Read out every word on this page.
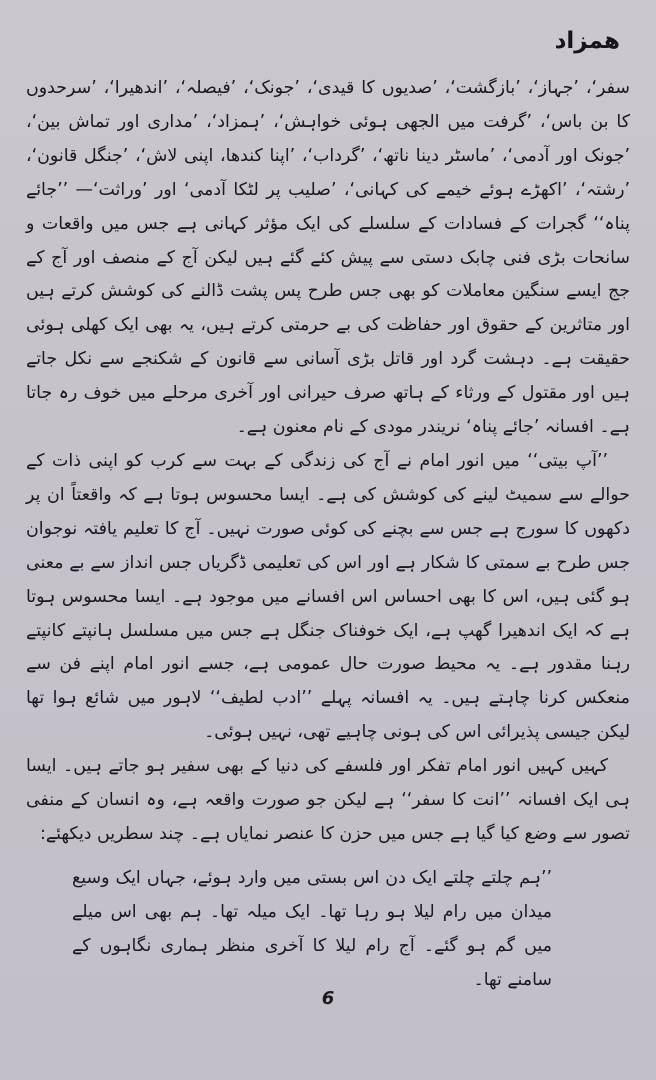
همزاد

سفر‘، ’جہاز‘، ’بازگشت‘، ’صدیوں کا قیدی‘، ’جونک‘، ’فیصلہ‘، ’اندھیرا‘، ’سرحدوں کا بن باس‘، ’گرفت میں الجھی ہوئی خواہش‘، ’ہمزاد‘، ’مداری اور تماش بین‘، ’جونک اور آدمی‘، ’ماسٹر دینا ناتھ‘، ’گرداب‘، ’اپنا کندھا، اپنی لاش‘، ’جنگل قانون‘، ’رشتہ‘، ’اکھڑے ہوئے خیمے کی کہانی‘، ’صلیب پر لٹکا آدمی‘ اور ’وراثت‘— ’’جائے پناہ‘‘ گجرات کے فسادات کے سلسلے کی ایک مؤثر کہانی ہے جس میں واقعات و سانحات بڑی فنی چابک دستی سے پیش کئے گئے ہیں لیکن آج کے منصف اور آج کے جج ایسے سنگین معاملات کو بھی جس طرح پس پشت ڈالنے کی کوشش کرتے ہیں اور متاثرین کے حقوق اور حفاظت کی بے حرمتی کرتے ہیں، یہ بھی ایک کھلی ہوئی حقیقت ہے۔ دہشت گرد اور قاتل بڑی آسانی سے قانون کے شکنجے سے نکل جاتے ہیں اور مقتول کے ورثاء کے ہاتھ صرف حیرانی اور آخری مرحلے میں خوف رہ جاتا ہے۔ افسانہ ’جائے پناہ‘ نریندر مودی کے نام معنون ہے۔

’’آپ بیتی‘‘ میں انور امام نے آج کی زندگی کے بہت سے کرب کو اپنی ذات کے حوالے سے سمیٹ لینے کی کوشش کی ہے۔ ایسا محسوس ہوتا ہے کہ واقعتاً ان پر دکھوں کا سورج ہے جس سے بچنے کی کوئی صورت نہیں۔ آج کا تعلیم یافتہ نوجوان جس طرح بے سمتی کا شکار ہے اور اس کی تعلیمی ڈگریاں جس انداز سے بے معنی ہو گئی ہیں، اس کا بھی احساس اس افسانے میں موجود ہے۔ ایسا محسوس ہوتا ہے کہ ایک اندھیرا گھپ ہے، ایک خوفناک جنگل ہے جس میں مسلسل ہانپتے کانپتے رہنا مقدور ہے۔ یہ محیط صورت حال عمومی ہے، جسے انور امام اپنے فن سے منعکس کرنا چاہتے ہیں۔ یہ افسانہ پہلے ’’ادب لطیف‘‘ لاہور میں شائع ہوا تھا لیکن جیسی پذیرائی اس کی ہونی چاہیے تھی، نہیں ہوئی۔

کہیں کہیں انور امام تفکر اور فلسفے کی دنیا کے بھی سفیر ہو جاتے ہیں۔ ایسا ہی ایک افسانہ ’’انت کا سفر‘‘ ہے لیکن جو صورت واقعہ ہے، وہ انسان کے منفی تصور سے وضع کیا گیا ہے جس میں حزن کا عنصر نمایاں ہے۔ چند سطریں دیکھئے:

’’ہم چلتے چلتے ایک دن اس بستی میں وارد ہوئے، جہاں ایک وسیع میدان میں رام لیلا ہو رہا تھا۔ ایک میلہ تھا۔ ہم بھی اس میلے میں گم ہو گئے۔ آج رام لیلا کا آخری منظر ہماری نگاہوں کے سامنے تھا۔
6
